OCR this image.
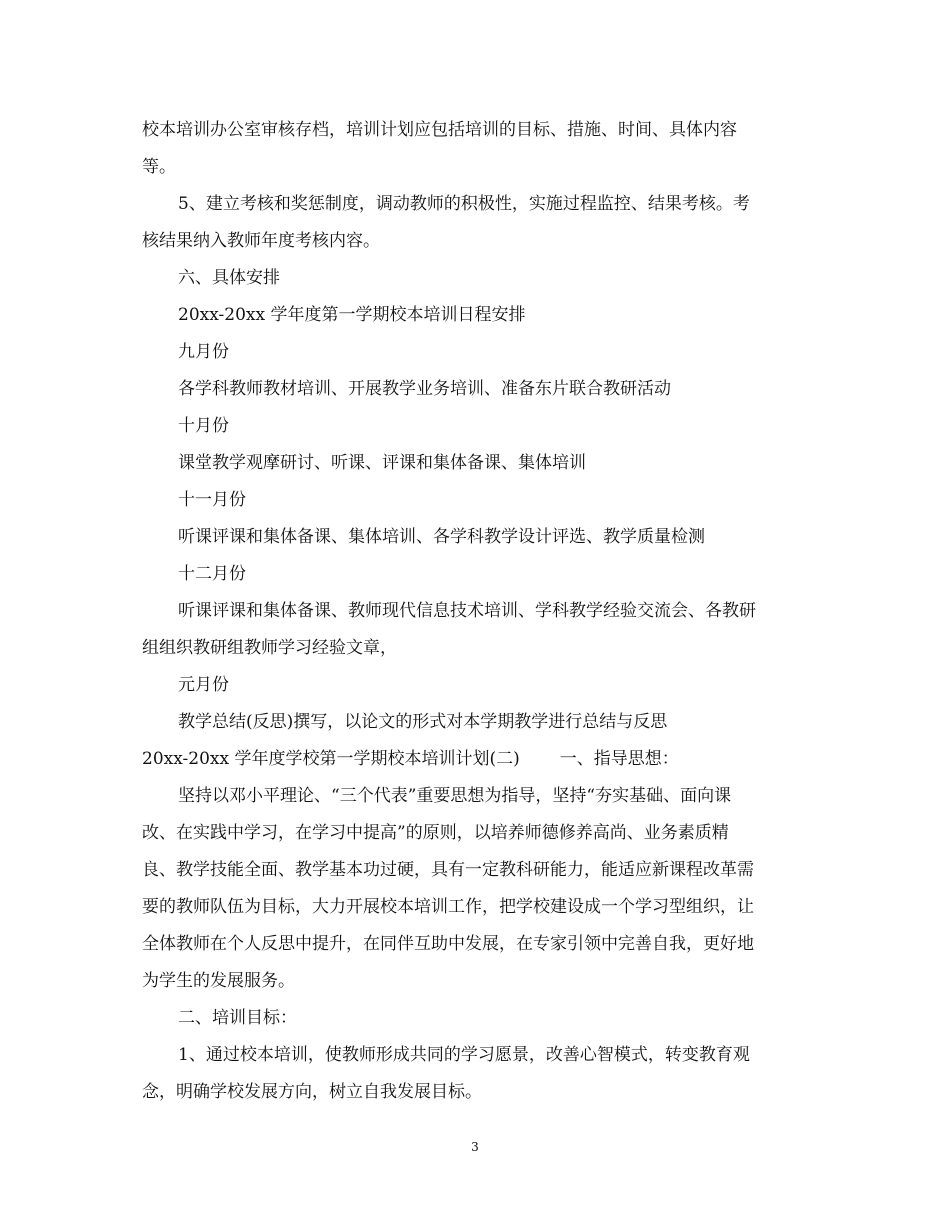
校本培训办公室审核存档，培训计划应包括培训的目标、措施、时间、具体内容
等。
5、建立考核和奖惩制度，调动教师的积极性，实施过程监控、结果考核。考
核结果纳入教师年度考核内容。
六、具体安排
20xx-20xx 学年度第一学期校本培训日程安排
九月份
各学科教师教材培训、开展教学业务培训、准备东片联合教研活动
十月份
课堂教学观摩研讨、听课、评课和集体备课、集体培训
十一月份
听课评课和集体备课、集体培训、各学科教学设计评选、教学质量检测
十二月份
听课评课和集体备课、教师现代信息技术培训、学科教学经验交流会、各教研
组组织教研组教师学习经验文章，
元月份
教学总结(反思)撰写，以论文的形式对本学期教学进行总结与反思
20xx-20xx 学年度学校第一学期校本培训计划(二) 一、指导思想：
坚持以邓小平理论、“三个代表”重要思想为指导，坚持“夯实基础、面向课
改、在实践中学习，在学习中提高”的原则，以培养师德修养高尚、业务素质精
良、教学技能全面、教学基本功过硬，具有一定教科研能力，能适应新课程改革需
要的教师队伍为目标，大力开展校本培训工作，把学校建设成一个学习型组织，让
全体教师在个人反思中提升，在同伴互助中发展，在专家引领中完善自我，更好地
为学生的发展服务。
二、培训目标：
1、通过校本培训，使教师形成共同的学习愿景，改善心智模式，转变教育观
念，明确学校发展方向，树立自我发展目标。
3
